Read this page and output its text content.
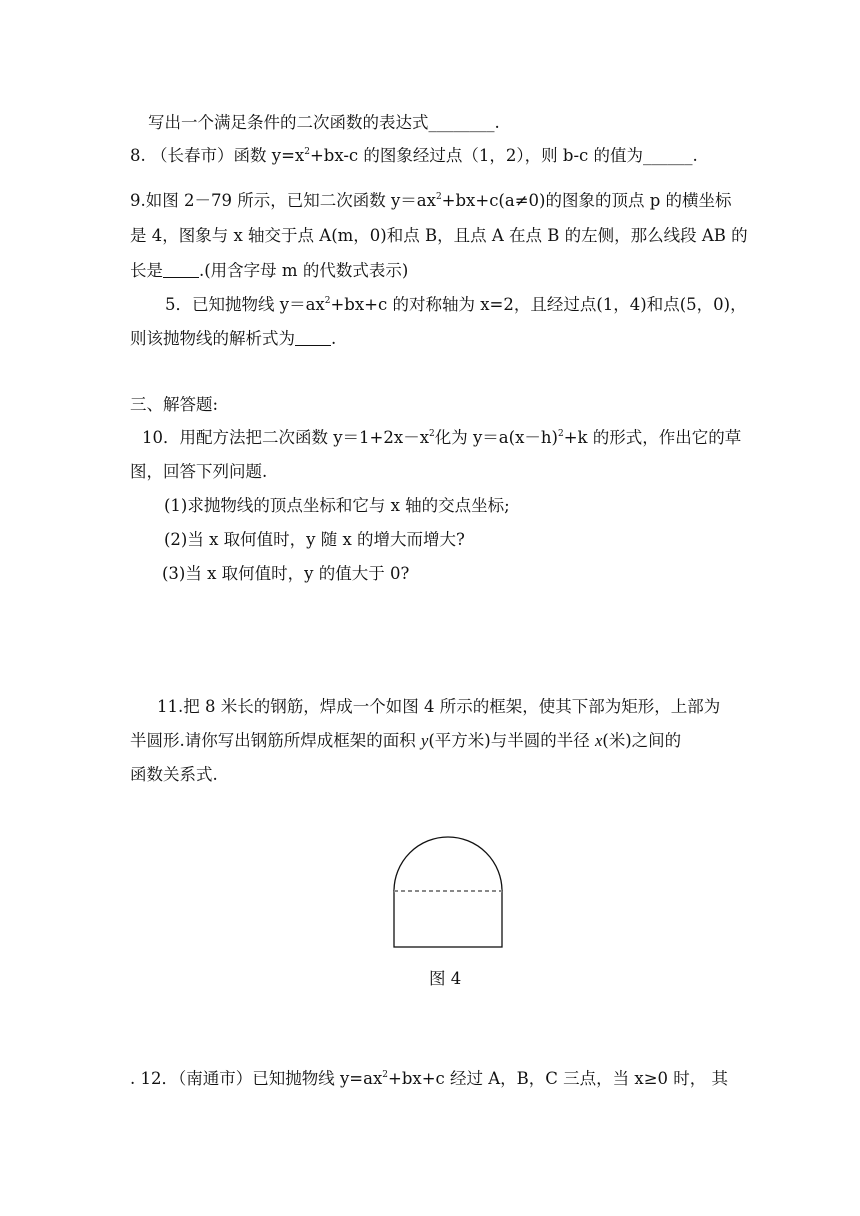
写出一个满足条件的二次函数的表达式________.
8. （长春市）函数 $y=x^2+bx-c$ 的图象经过点（1，2），则 b-c 的值为______.
9.如图 2－79 所示，已知二次函数 $y=ax^2+bx+c(a\ne 0)$的图象的顶点 p 的横坐标
是 4，图象与 x 轴交于点 A(m，0)和点 B，且点 A 在点 B 的左侧，那么线段 AB 的
长是 .(用含字母 m 的代数式表示)
5．已知抛物线 $y=ax^2+bx+c$ 的对称轴为 x=2，且经过点(1，4)和点(5，0)，
则该抛物线的解析式为 .
三、解答题:
10．用配方法把二次函数 $y=1+2x-x^2$化为 $y=a(x-h)^2+k$ 的形式，作出它的草
图，回答下列问题.
(1)求抛物线的顶点坐标和它与 x 轴的交点坐标;
(2)当 x 取何值时，y 随 x 的增大而增大?
(3)当 x 取何值时，y 的值大于 0?
11.把 8 米长的钢筋，焊成一个如图 4 所示的框架，使其下部为矩形，上部为
半圆形.请你写出钢筋所焊成框架的面积 y(平方米)与半圆的半径 x(米)之间的
函数关系式.
图 4
. 12．（南通市）已知抛物线 $y=ax^2+bx+c$ 经过 A，B，C 三点，当 x≥0 时， 其
